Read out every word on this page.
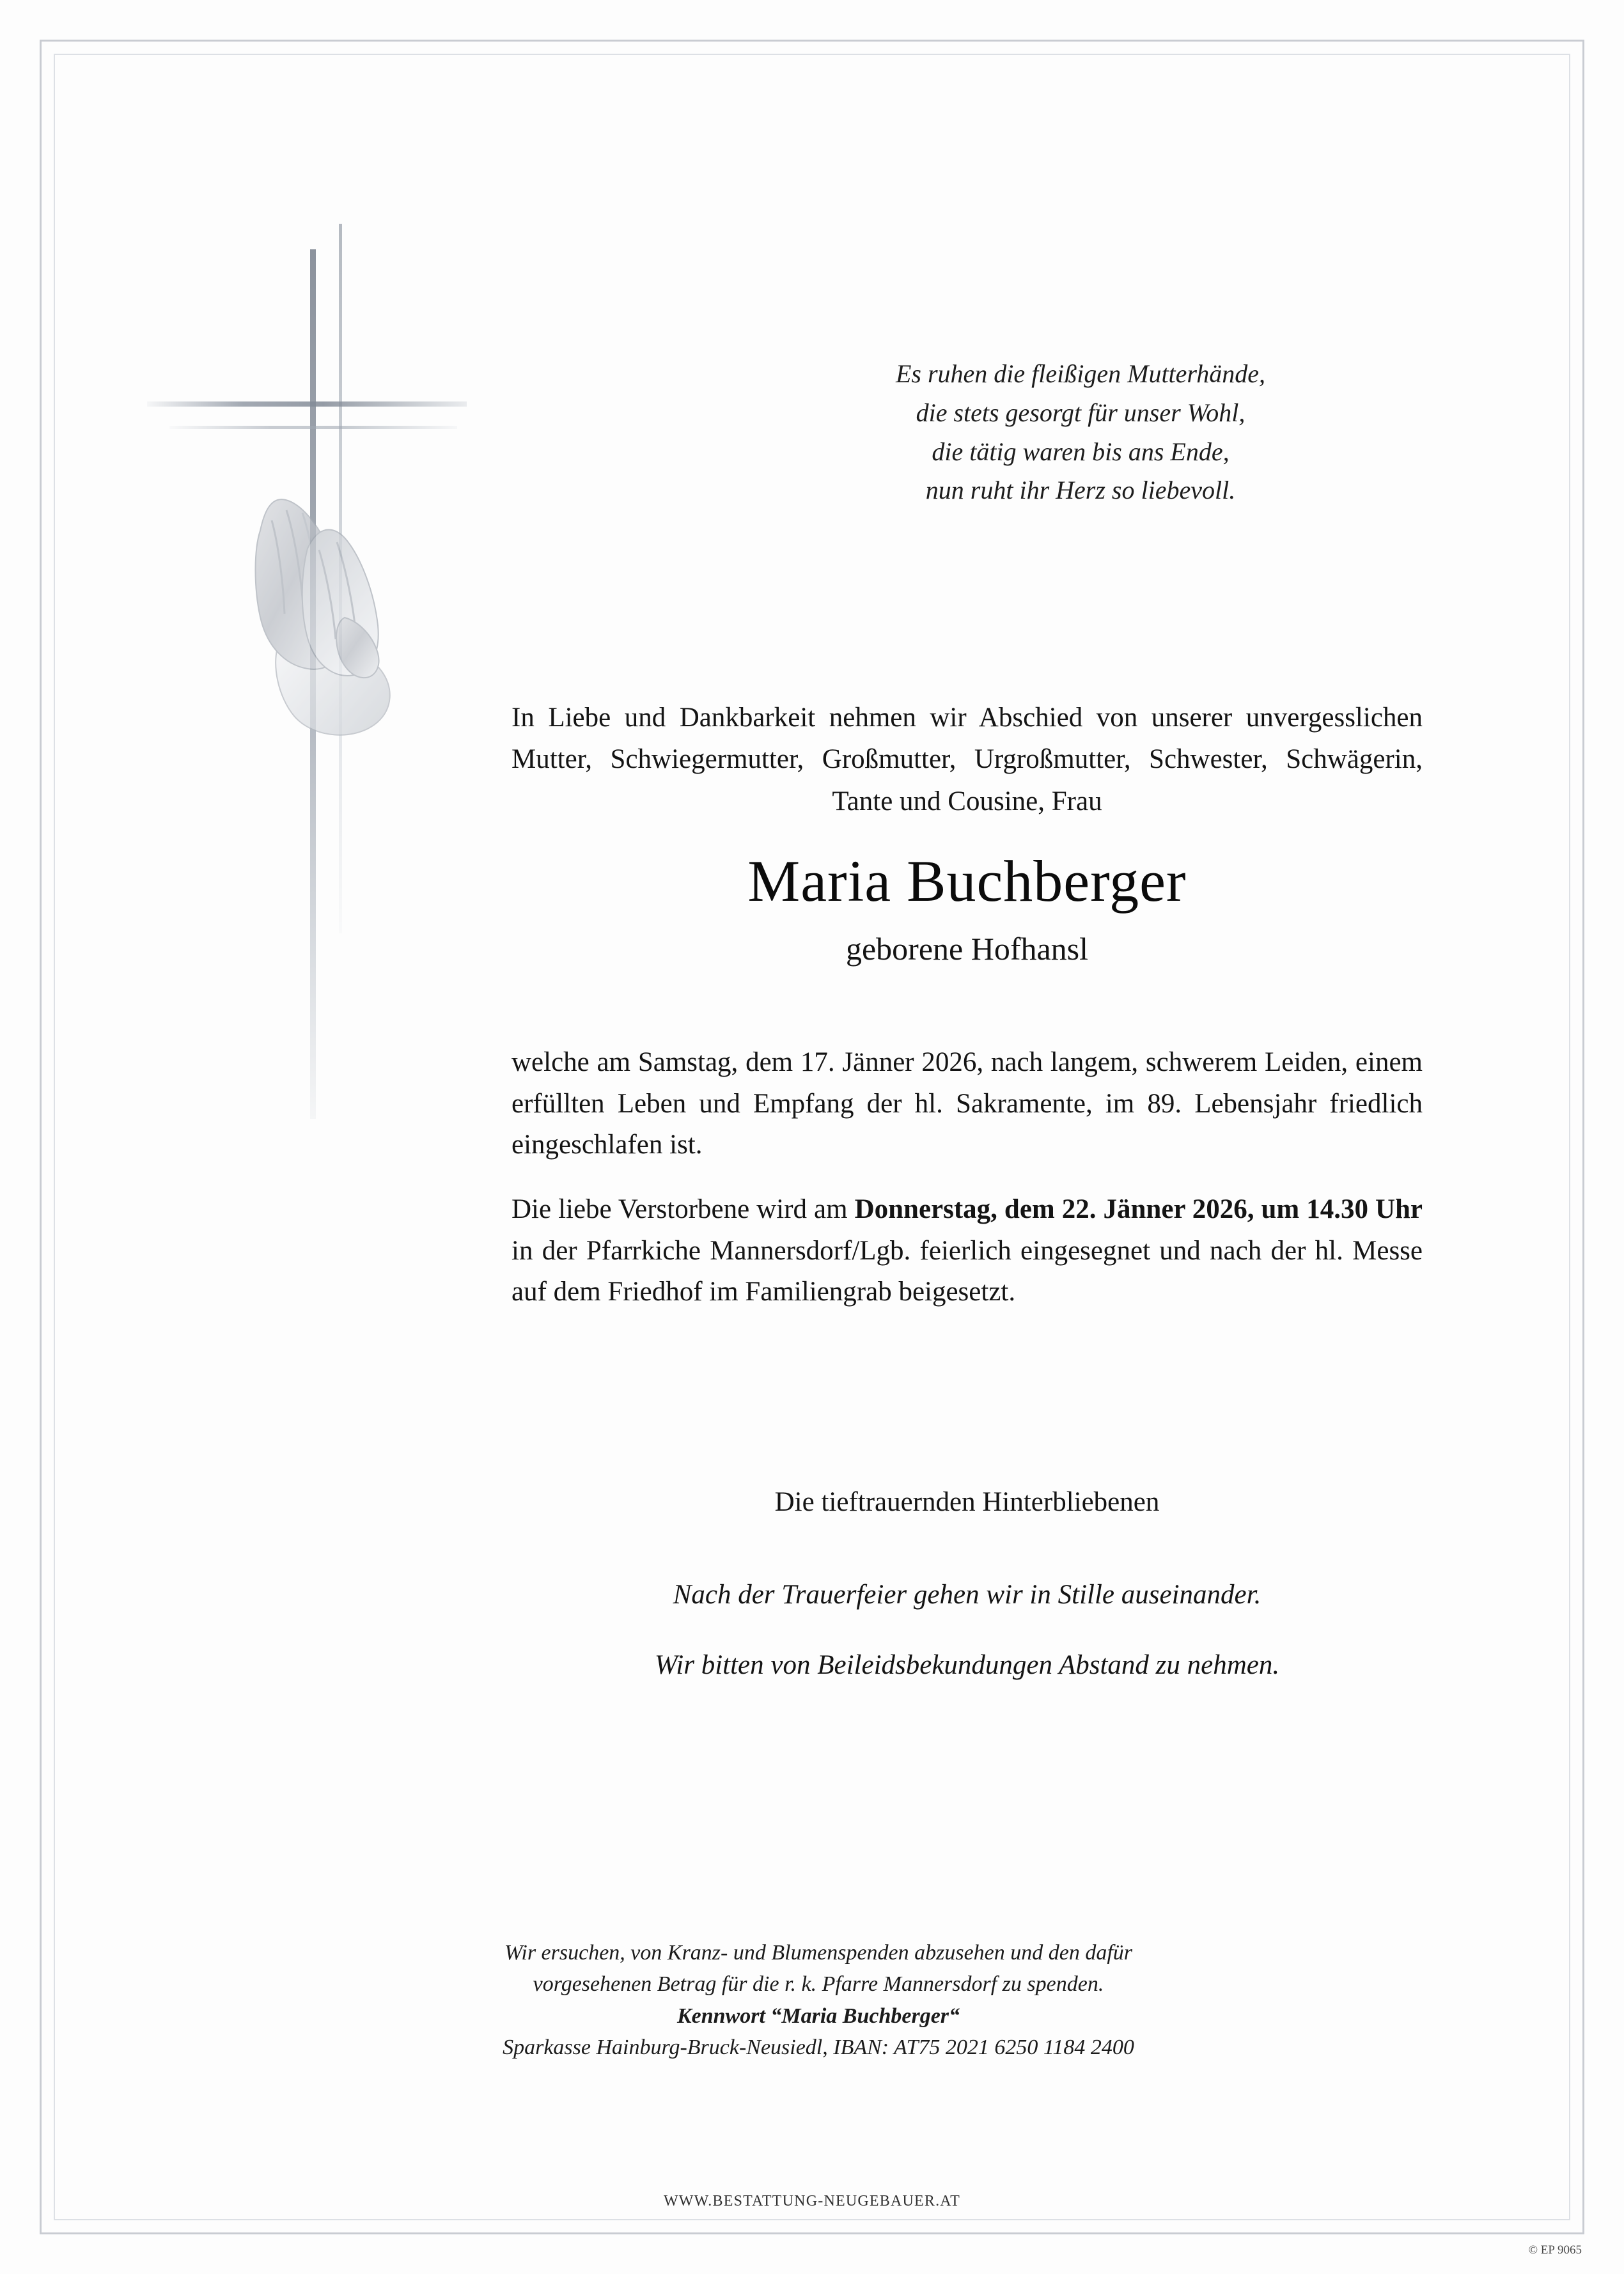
Es ruhen die fleißigen Mutterhände,
die stets gesorgt für unser Wohl,
die tätig waren bis ans Ende,
nun ruht ihr Herz so liebevoll.
In Liebe und Dankbarkeit nehmen wir Abschied von unserer unvergesslichen Mutter, Schwiegermutter, Großmutter, Urgroßmutter, Schwester, Schwägerin, Tante und Cousine, Frau
Maria Buchberger
geborene Hofhansl
welche am Samstag, dem 17. Jänner 2026, nach langem, schwerem Leiden, einem erfüllten Leben und Empfang der hl. Sakramente, im 89. Lebensjahr friedlich eingeschlafen ist.
Die liebe Verstorbene wird am Donnerstag, dem 22. Jänner 2026, um 14.30 Uhr in der Pfarrkiche Mannersdorf/Lgb. feierlich eingesegnet und nach der hl. Messe auf dem Friedhof im Familiengrab beigesetzt.
Die tieftrauernden Hinterbliebenen
Nach der Trauerfeier gehen wir in Stille auseinander.
Wir bitten von Beileidsbekundungen Abstand zu nehmen.
Wir ersuchen, von Kranz- und Blumenspenden abzusehen und den dafür
vorgesehenen Betrag für die r. k. Pfarre Mannersdorf zu spenden.
Kennwort “Maria Buchberger“
Sparkasse Hainburg-Bruck-Neusiedl, IBAN: AT75 2021 6250 1184 2400
WWW.BESTATTUNG-NEUGEBAUER.AT
© EP 9065
